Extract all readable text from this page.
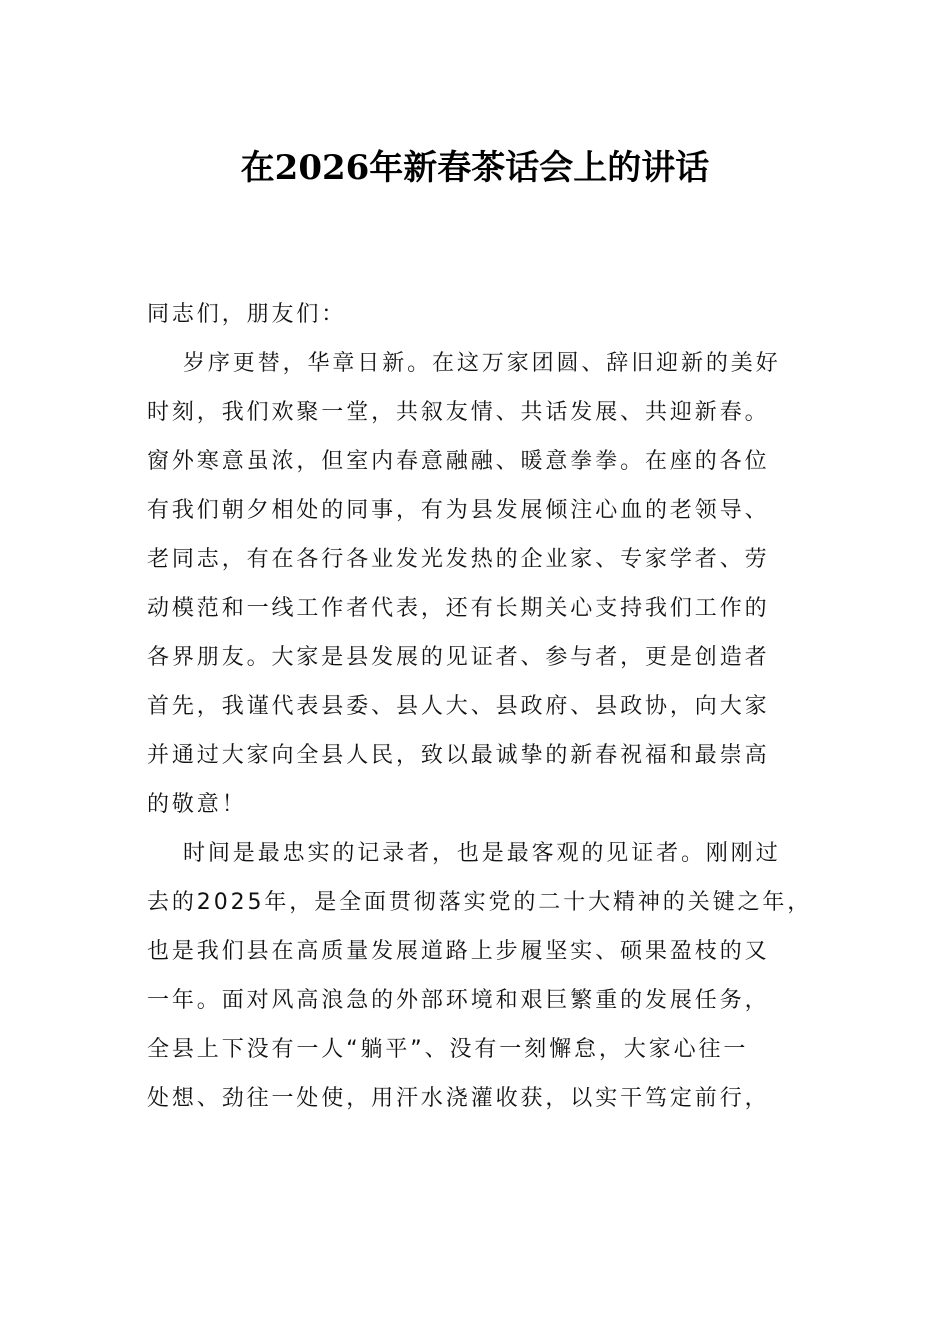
在2026年新春茶话会上的讲话
同志们，朋友们：
岁序更替，华章日新。在这万家团圆、辞旧迎新的美好
时刻，我们欢聚一堂，共叙友情、共话发展、共迎新春。
窗外寒意虽浓，但室内春意融融、暖意拳拳。在座的各位
有我们朝夕相处的同事，有为县发展倾注心血的老领导、
老同志，有在各行各业发光发热的企业家、专家学者、劳
动模范和一线工作者代表，还有长期关心支持我们工作的
各界朋友。大家是县发展的见证者、参与者，更是创造者
首先，我谨代表县委、县人大、县政府、县政协，向大家
并通过大家向全县人民，致以最诚挚的新春祝福和最崇高
的敬意！
时间是最忠实的记录者，也是最客观的见证者。刚刚过
去的2025年，是全面贯彻落实党的二十大精神的关键之年，
也是我们县在高质量发展道路上步履坚实、硕果盈枝的又
一年。面对风高浪急的外部环境和艰巨繁重的发展任务，
全县上下没有一人“躺平”、没有一刻懈怠，大家心往一
处想、劲往一处使，用汗水浇灌收获，以实干笃定前行，
